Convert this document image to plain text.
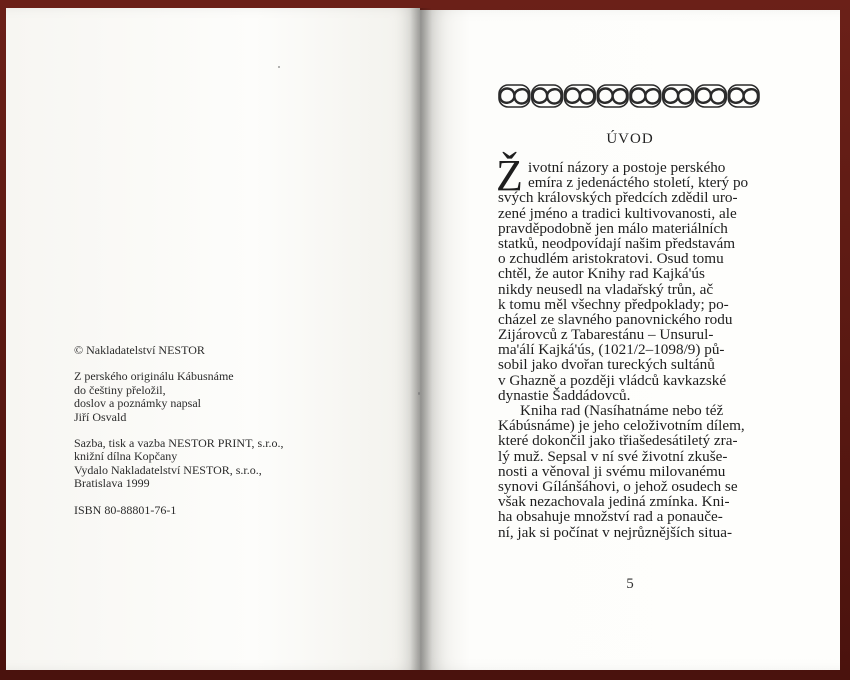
© Nakladatelství NESTOR
Z perského originálu Kábusnáme
do češtiny přeložil,
doslov a poznámky napsal
Jiří Osvald
Sazba, tisk a vazba NESTOR PRINT, s.r.o.,
knižní dílna Kopčany
Vydalo Nakladatelství NESTOR, s.r.o.,
Bratislava 1999
ISBN 80-88801-76-1
ÚVOD
Ž ivotní názory a postoje perského
emíra z jedenáctého století, který po
svých královských předcích zdědil uro-
zené jméno a tradici kultivovanosti, ale
pravděpodobně jen málo materiálních
statků, neodpovídají našim představám
o zchudlém aristokratovi. Osud tomu
chtěl, že autor Knihy rad Kajká'ús
nikdy neusedl na vladařský trůn, ač
k tomu měl všechny předpoklady; po-
cházel ze slavného panovnického rodu
Zijárovců z Tabarestánu – Unsurul-
ma'álí Kajká'ús, (1021/2–1098/9) pů-
sobil jako dvořan tureckých sultánů
v Ghazně a později vládců kavkazské
dynastie Šaddádovců.
Kniha rad (Nasíhatnáme nebo též
Kábúsnáme) je jeho celoživotním dílem,
které dokončil jako třiašedesátiletý zra-
lý muž. Sepsal v ní své životní zkuše-
nosti a věnoval ji svému milovanému
synovi Gílánšáhovi, o jehož osudech se
však nezachovala jediná zmínka. Kni-
ha obsahuje množství rad a ponauče-
ní, jak si počínat v nejrůznějších situa-
5
